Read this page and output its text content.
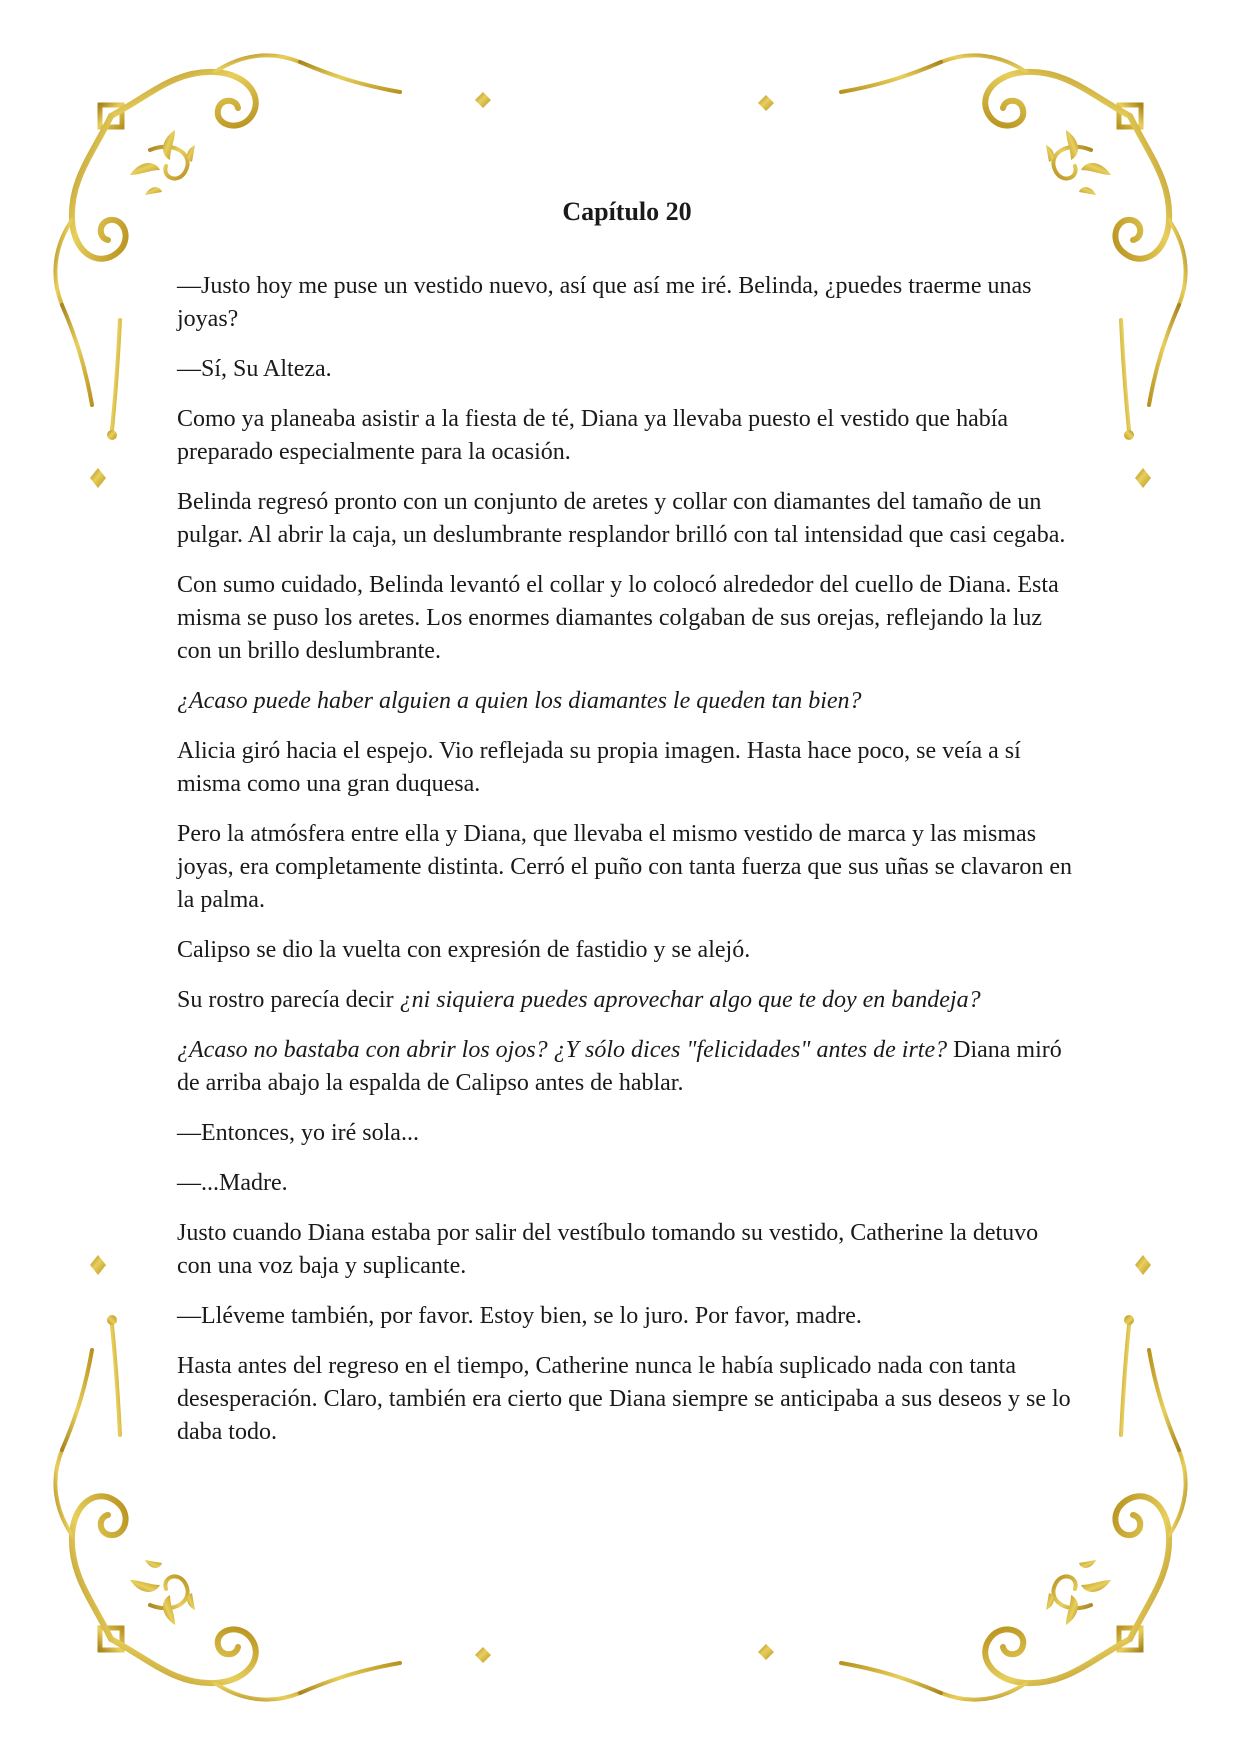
Capítulo 20

—Justo hoy me puse un vestido nuevo, así que así me iré. Belinda, ¿puedes traerme unas joyas?

—Sí, Su Alteza.

Como ya planeaba asistir a la fiesta de té, Diana ya llevaba puesto el vestido que había preparado especialmente para la ocasión.

Belinda regresó pronto con un conjunto de aretes y collar con diamantes del tamaño de un pulgar. Al abrir la caja, un deslumbrante resplandor brilló con tal intensidad que casi cegaba.

Con sumo cuidado, Belinda levantó el collar y lo colocó alrededor del cuello de Diana. Esta misma se puso los aretes. Los enormes diamantes colgaban de sus orejas, reflejando la luz con un brillo deslumbrante.

¿Acaso puede haber alguien a quien los diamantes le queden tan bien?

Alicia giró hacia el espejo. Vio reflejada su propia imagen. Hasta hace poco, se veía a sí misma como una gran duquesa.

Pero la atmósfera entre ella y Diana, que llevaba el mismo vestido de marca y las mismas joyas, era completamente distinta. Cerró el puño con tanta fuerza que sus uñas se clavaron en la palma.

Calipso se dio la vuelta con expresión de fastidio y se alejó.

Su rostro parecía decir ¿ni siquiera puedes aprovechar algo que te doy en bandeja?

¿Acaso no bastaba con abrir los ojos? ¿Y sólo dices "felicidades" antes de irte? Diana miró de arriba abajo la espalda de Calipso antes de hablar.

—Entonces, yo iré sola...

—...Madre.

Justo cuando Diana estaba por salir del vestíbulo tomando su vestido, Catherine la detuvo con una voz baja y suplicante.

—Lléveme también, por favor. Estoy bien, se lo juro. Por favor, madre.

Hasta antes del regreso en el tiempo, Catherine nunca le había suplicado nada con tanta desesperación. Claro, también era cierto que Diana siempre se anticipaba a sus deseos y se lo daba todo.
